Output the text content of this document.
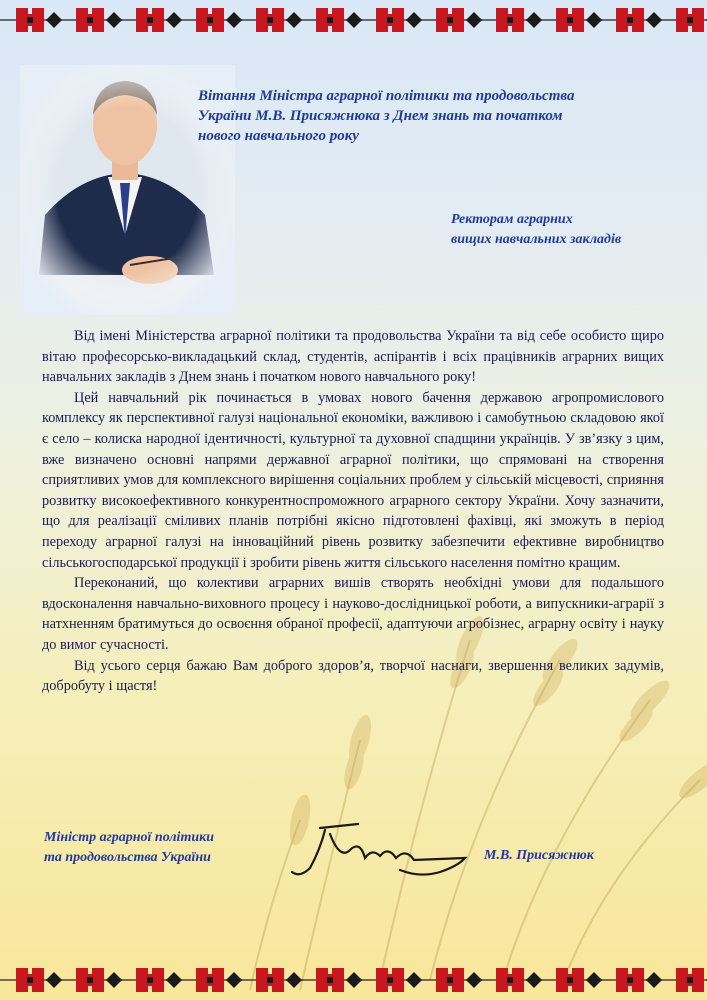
Вітання Міністра аграрної політики та продовольства
України М.В. Присяжнюка з Днем знань та початком
нового навчального року
Ректорам аграрних
вищих навчальних закладів

Від імені Міністерства аграрної політики та продовольства України та від себе особисто щиро вітаю професорсько-викладацький склад, студентів, аспірантів і всіх працівників аграрних вищих навчальних закладів з Днем знань і початком нового навчального року!

Цей навчальний рік починається в умовах нового бачення державою агропромислового комплексу як перспективної галузі національної економіки, важливою і самобутньою складовою якої є село – колиска народної ідентичності, культурної та духовної спадщини українців. У зв’язку з цим, вже визначено основні напрями державної аграрної політики, що спрямовані на створення сприятливих умов для комплексного вирішення соціальних проблем у сільській місцевості, сприяння розвитку високоефективного конкурентноспроможного аграрного сектору України. Хочу зазначити, що для реалізації сміливих планів потрібні якісно підготовлені фахівці, які зможуть в період переходу аграрної галузі на інноваційний рівень розвитку забезпечити ефективне виробництво сільськогосподарської продукції і зробити рівень життя сільського населення помітно кращим.

Переконаний, що колективи аграрних вишів створять необхідні умови для подальшого вдосконалення навчально-виховного процесу і науково-дослідницької роботи, а випускники-аграрії з натхненням братимуться до освоєння обраної професії, адаптуючи агробізнес, аграрну освіту і науку до вимог сучасності.

Від усього серця бажаю Вам доброго здоров’я, творчої наснаги, звершення великих задумів, добробуту і щастя!

Міністр аграрної політики
та продовольства України	М.В. Присяжнюк
